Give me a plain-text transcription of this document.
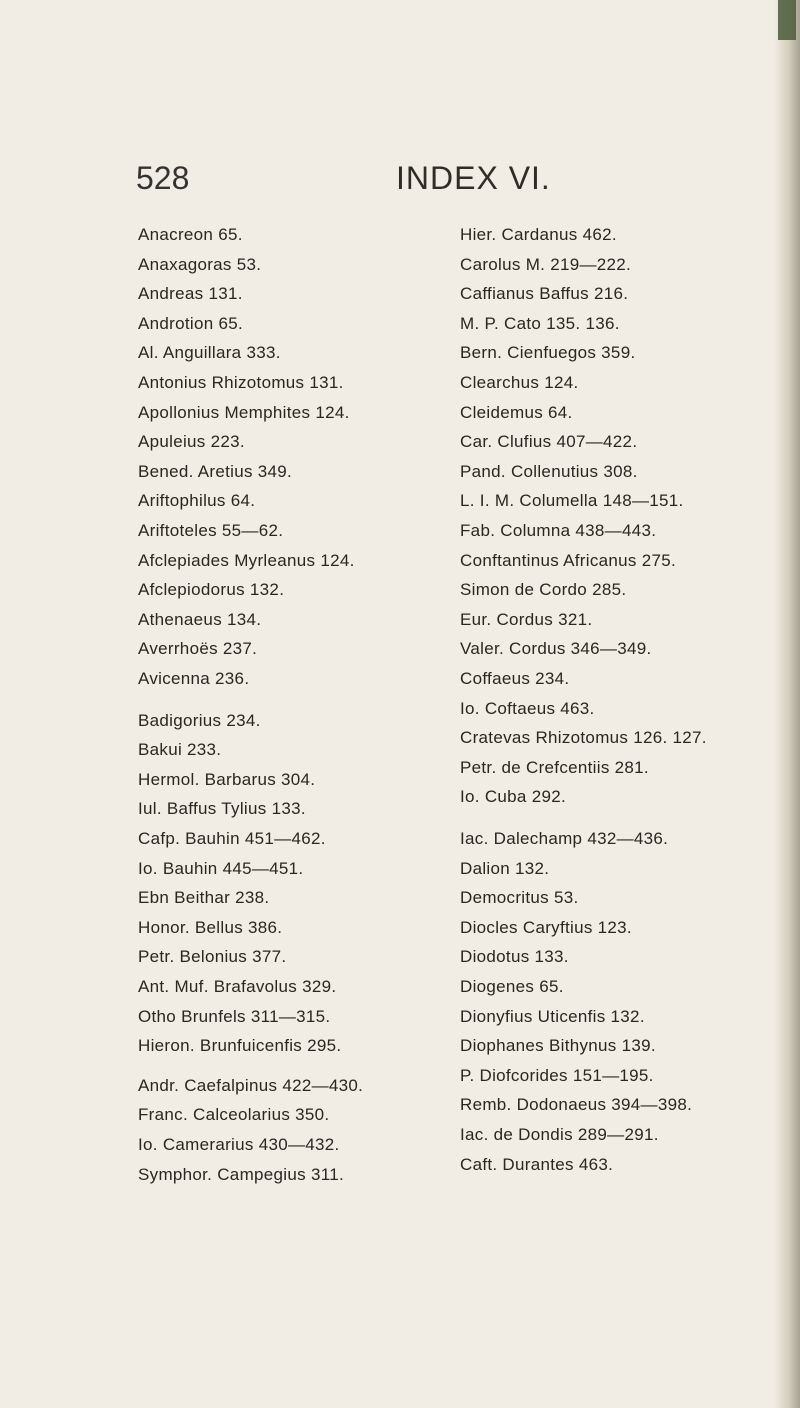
528	INDEX VI.
Anacreon 65.
Anaxagoras 53.
Andreas 131.
Androtion 65.
Al. Anguillara 333.
Antonius Rhizotomus 131.
Apollonius Memphites 124.
Apuleius 223.
Bened. Aretius 349.
Ariftophilus 64.
Ariftoteles 55—62.
Afclepiades Myrleanus 124.
Afclepiodorus 132.
Athenaeus 134.
Averrhoës 237.
Avicenna 236.
Badigorius 234.
Bakui 233.
Hermol. Barbarus 304.
Iul. Baffus Tylius 133.
Cafp. Bauhin 451—462.
Io. Bauhin 445—451.
Ebn Beithar 238.
Honor. Bellus 386.
Petr. Belonius 377.
Ant. Muf. Brafavolus 329.
Otho Brunfels 311—315.
Hieron. Brunfuicenfis 295.
Andr. Caefalpinus 422—430.
Franc. Calceolarius 350.
Io. Camerarius 430—432.
Symphor. Campegius 311.
Hier. Cardanus 462.
Carolus M. 219—222.
Caffianus Baffus 216.
M. P. Cato 135. 136.
Bern. Cienfuegos 359.
Clearchus 124.
Cleidemus 64.
Car. Clufius 407—422.
Pand. Collenutius 308.
L. I. M. Columella 148—151.
Fab. Columna 438—443.
Conftantinus Africanus 275.
Simon de Cordo 285.
Eur. Cordus 321.
Valer. Cordus 346—349.
Coffaeus 234.
Io. Coftaeus 463.
Cratevas Rhizotomus 126. 127.
Petr. de Crefcentiis 281.
Io. Cuba 292.
Iac. Dalechamp 432—436.
Dalion 132.
Democritus 53.
Diocles Caryftius 123.
Diodotus 133.
Diogenes 65.
Dionyfius Uticenfis 132.
Diophanes Bithynus 139.
P. Diofcorides 151—195.
Remb. Dodonaeus 394—398.
Iac. de Dondis 289—291.
Caft. Durantes 463.
